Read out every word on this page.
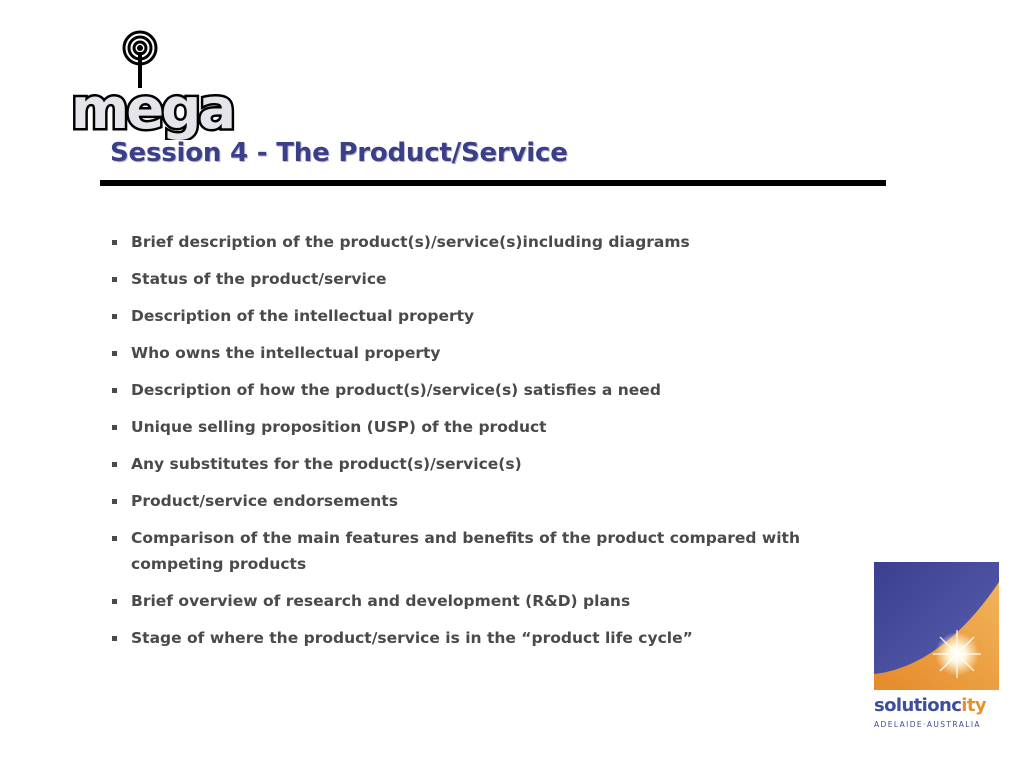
mega
Session 4 - The Product/Service
Brief description of the product(s)/service(s)including diagrams
Status of the product/service
Description of the intellectual property
Who owns the intellectual property
Description of how the product(s)/service(s) satisfies a need
Unique selling proposition (USP) of the product
Any substitutes for the product(s)/service(s)
Product/service endorsements
Comparison of the main features and benefits of the product compared with competing products
Brief overview of research and development (R&D) plans
Stage of where the product/service is in the “product life cycle”
solutioncity
ADELAIDE·AUSTRALIA
